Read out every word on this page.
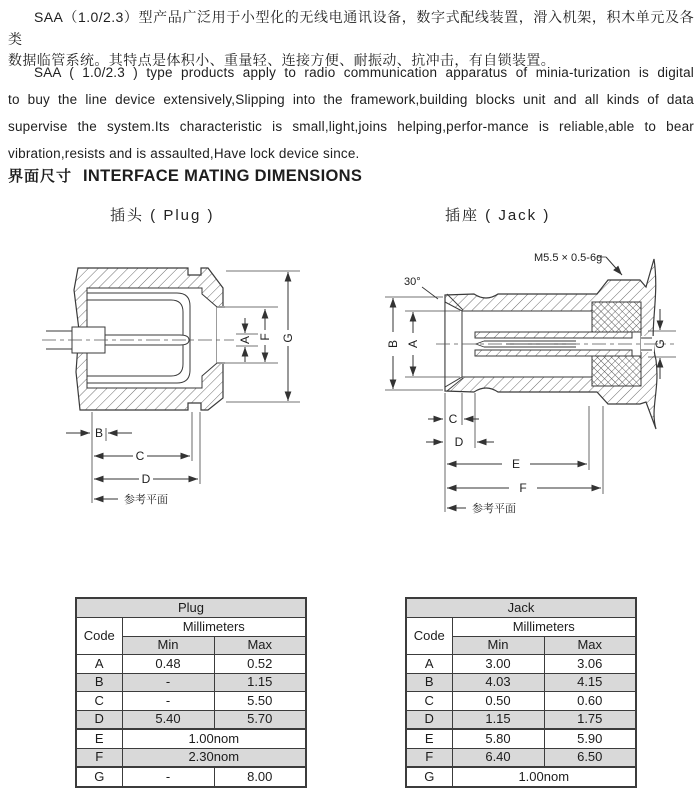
SAA（1.0/2.3）型产品广泛用于小型化的无线电通讯设备，数字式配线装置，滑入机架，积木单元及各类
数据临管系统。其特点是体积小、重量轻、连接方便、耐振动、抗冲击，有自锁装置。
SAA ( 1.0/2.3 ) type products apply to radio communication apparatus of minia-turization is digital
to buy the line device extensively,Slipping into the framework,building blocks unit and all kinds of data
supervise the system.Its characteristic is small,light,joins helping,perfor-mance is reliable,able to bear
vibration,resists and is assaulted,Have lock device since.
界面尺寸 INTERFACE MATING DIMENSIONS
插头 ( Plug )	插座 ( Jack )
A F G
B
C
D
参考平面
B A	G
C
D
E
F
参考平面
M5.5 × 0.5-6g
30°
Plug		
Code	Millimeters	
	Min	Max
A	0.48	0.52
B	-	1.15
C	-	5.50
D	5.40	5.70
E	1.00nom	
F	2.30nom	
G	-	8.00
Jack		
Code	Millimeters	
	Min	Max
A	3.00	3.06
B	4.03	4.15
C	0.50	0.60
D	1.15	1.75
E	5.80	5.90
F	6.40	6.50
G	1.00nom	
